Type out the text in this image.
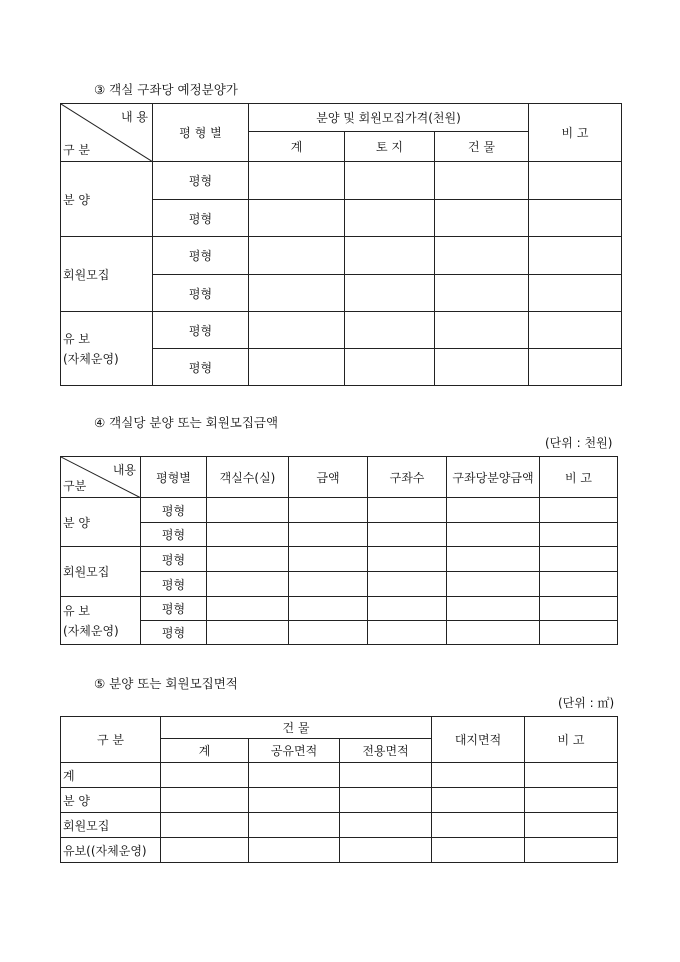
③ 객실 구좌당 예정분양가
내 용
구 분	평 형 별	분양 및 회원모집가격(천원)			비 고
		계	토 지	건 물	
분 양	평형				
	평형				
회원모집	평형				
	평형				

유 보
(자체운영)	평형				
	평형				
④ 객실당 분양 또는 회원모집금액
(단위 : 천원)
내용
구분	평형별	객실수(실)	금액	구좌수	구좌당분양금액	비 고
분 양	평형					
	평형					
회원모집	평형					
	평형					

유 보
(자체운영)	평형					
	평형					
⑤ 분양 또는 회원모집면적
(단위 : ㎡)
구 분	건 물			대지면적	비 고
	계	공유면적	전용면적		
계					
분 양					
회원모집					
유보((자체운영)					
